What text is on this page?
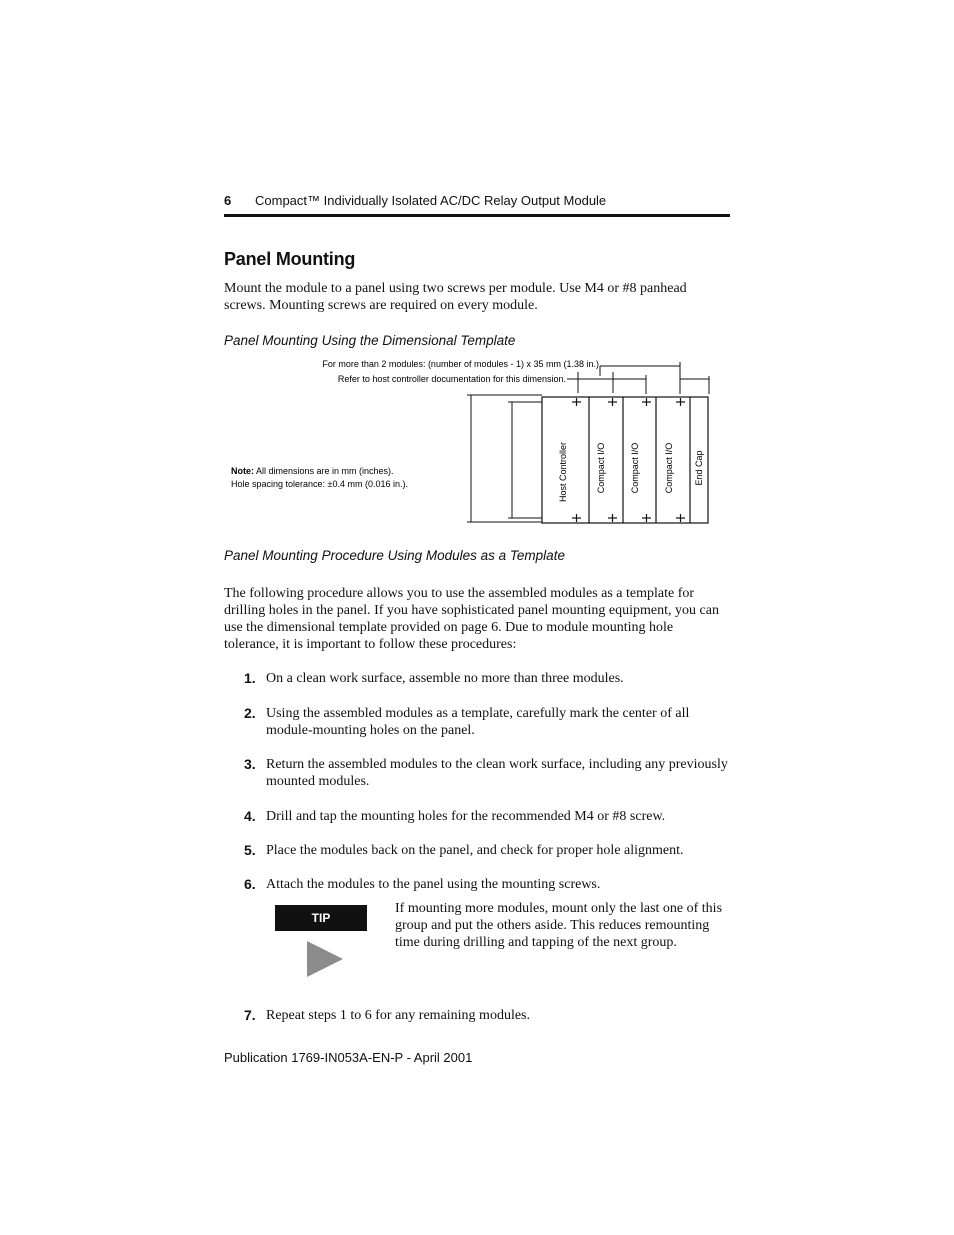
6 Compact™ Individually Isolated AC/DC Relay Output Module
Panel Mounting
Mount the module to a panel using two screws per module. Use M4 or #8 panhead screws. Mounting screws are required on every module.
Panel Mounting Using the Dimensional Template
For more than 2 modules: (number of modules - 1) x 35 mm (1.38 in.)
Refer to host controller documentation for this dimension.
Host Controller	Compact I/O	Compact I/O	Compact I/O End Cap
Note: All dimensions are in mm (inches).
Hole spacing tolerance: ±0.4 mm (0.016 in.).
Panel Mounting Procedure Using Modules as a Template
The following procedure allows you to use the assembled modules as a template for drilling holes in the panel. If you have sophisticated panel mounting equipment, you can use the dimensional template provided on page 6. Due to module mounting hole tolerance, it is important to follow these procedures:
1. On a clean work surface, assemble no more than three modules.
2. Using the assembled modules as a template, carefully mark the center of all module-mounting holes on the panel.
3. Return the assembled modules to the clean work surface, including any previously mounted modules.
4. Drill and tap the mounting holes for the recommended M4 or #8 screw.
5. Place the modules back on the panel, and check for proper hole alignment.
6. Attach the modules to the panel using the mounting screws.
7. Repeat steps 1 to 6 for any remaining modules.
TIP
If mounting more modules, mount only the last one of this group and put the others aside. This reduces remounting time during drilling and tapping of the next group.
Publication 1769-IN053A-EN-P - April 2001
